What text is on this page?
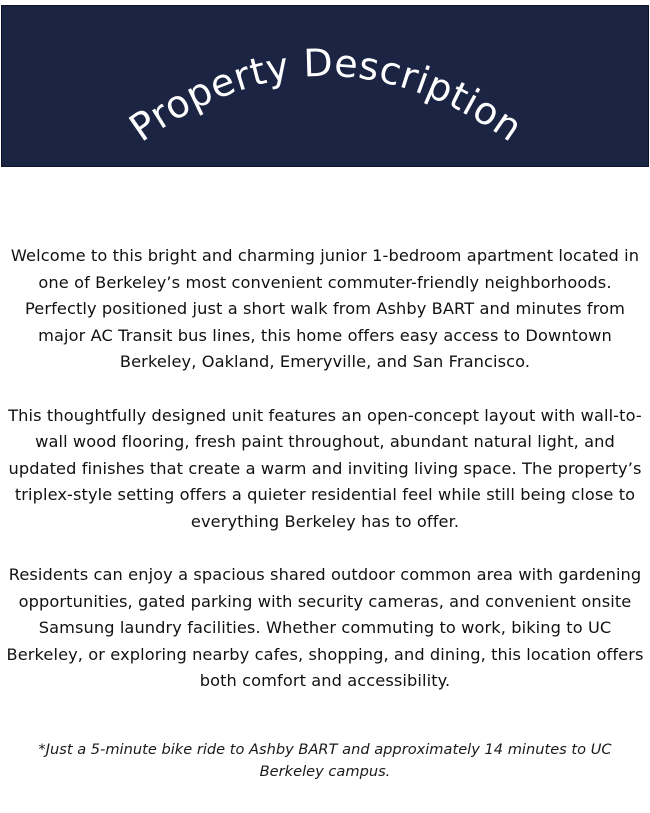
Property Description

Welcome to this bright and charming junior 1-bedroom apartment located in one of Berkeley’s most convenient commuter-friendly neighborhoods. Perfectly positioned just a short walk from Ashby BART and minutes from major AC Transit bus lines, this home offers easy access to Downtown Berkeley, Oakland, Emeryville, and San Francisco.

This thoughtfully designed unit features an open-concept layout with wall-to-wall wood flooring, fresh paint throughout, abundant natural light, and updated finishes that create a warm and inviting living space. The property’s triplex-style setting offers a quieter residential feel while still being close to everything Berkeley has to offer.

Residents can enjoy a spacious shared outdoor common area with gardening opportunities, gated parking with security cameras, and convenient onsite Samsung laundry facilities. Whether commuting to work, biking to UC Berkeley, or exploring nearby cafes, shopping, and dining, this location offers both comfort and accessibility.

*Just a 5-minute bike ride to Ashby BART and approximately 14 minutes to UC Berkeley campus.
